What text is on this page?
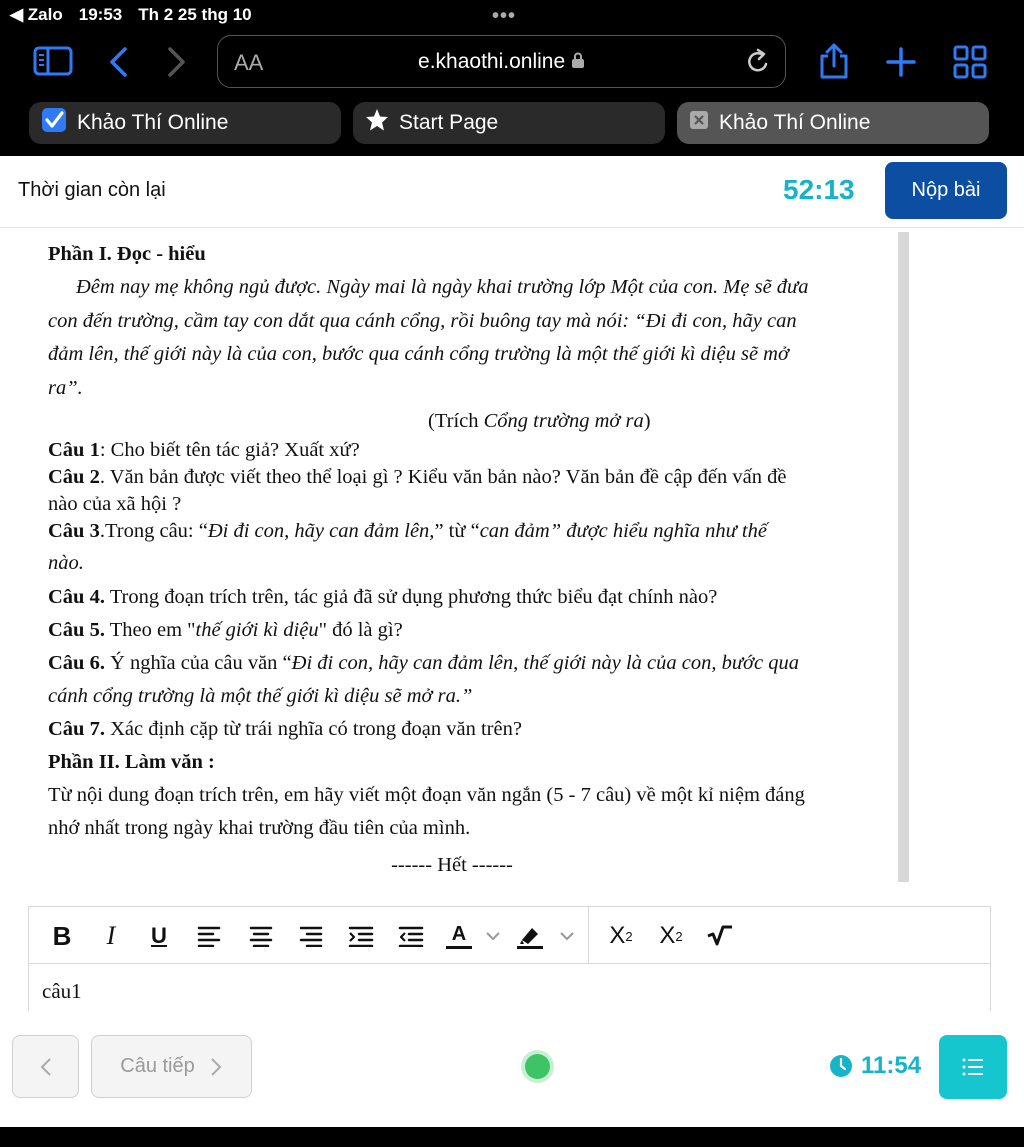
◀ Zalo 19:53 Th 2 25 thg 10	•••
AA	e.khaothi.online
Khảo Thí Online	Start Page	Khảo Thí Online
Thời gian còn lại	52:13	Nộp bài

Phần I. Đọc - hiểu

Đêm nay mẹ không ngủ được. Ngày mai là ngày khai trường lớp Một của con. Mẹ sẽ đưa

con đến trường, cầm tay con dắt qua cánh cổng, rồi buông tay mà nói: “Đi đi con, hãy can

đảm lên, thế giới này là của con, bước qua cánh cổng trường là một thế giới kì diệu sẽ mở

ra”.

(Trích Cổng trường mở ra)

Câu 1: Cho biết tên tác giả? Xuất xứ?

Câu 2. Văn bản được viết theo thể loại gì ? Kiểu văn bản nào? Văn bản đề cập đến vấn đề

nào của xã hội ?

Câu 3.Trong câu: “Đi đi con, hãy can đảm lên,” từ “can đảm” được hiểu nghĩa như thế

nào.

Câu 4. Trong đoạn trích trên, tác giả đã sử dụng phương thức biểu đạt chính nào?

Câu 5. Theo em "thế giới kì diệu" đó là gì?

Câu 6. Ý nghĩa của câu văn “Đi đi con, hãy can đảm lên, thế giới này là của con, bước qua

cánh cổng trường là một thế giới kì diệu sẽ mở ra.”

Câu 7. Xác định cặp từ trái nghĩa có trong đoạn văn trên?

Phần II. Làm văn :

Từ nội dung đoạn trích trên, em hãy viết một đoạn văn ngắn (5 - 7 câu) về một kỉ niệm đáng

nhớ nhất trong ngày khai trường đầu tiên của mình.

------ Hết ------

B I	U	A	X 2 X 2
câu1
Câu tiếp	11:54
